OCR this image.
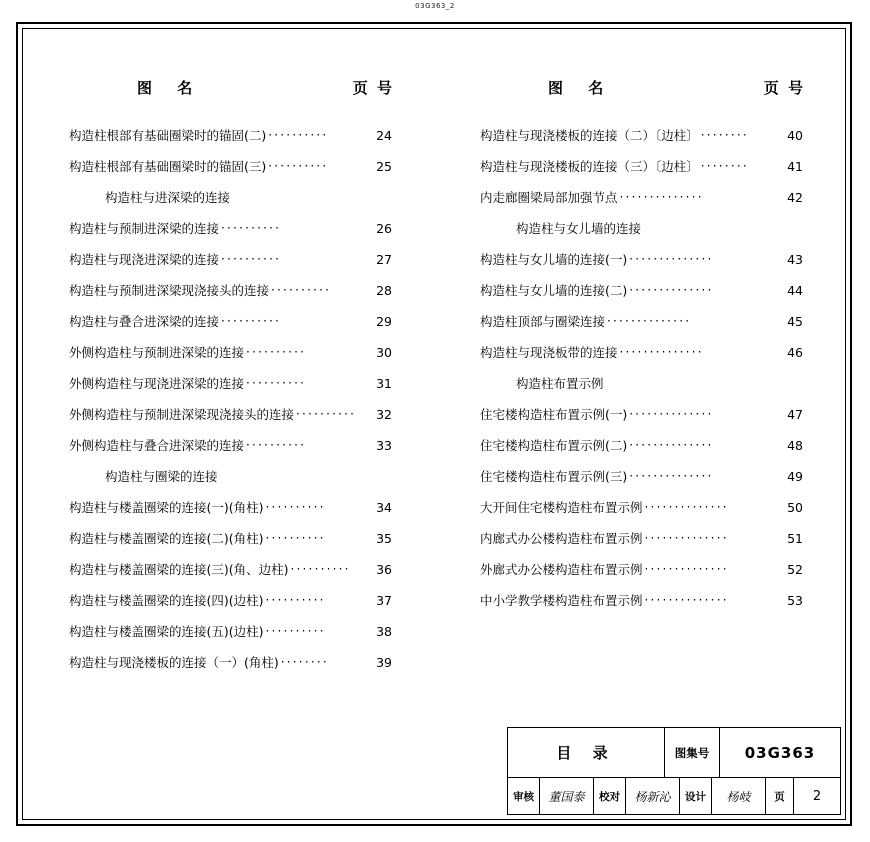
03G363_2
图 名	页 号
构造柱根部有基础圈梁时的锚固(二) ··········	24
构造柱根部有基础圈梁时的锚固(三) ··········	25
构造柱与进深梁的连接
构造柱与预制进深梁的连接 ··········	26
构造柱与现浇进深梁的连接 ··········	27
构造柱与预制进深梁现浇接头的连接 ··········	28
构造柱与叠合进深梁的连接 ··········	29
外侧构造柱与预制进深梁的连接 ··········	30
外侧构造柱与现浇进深梁的连接 ··········	31
外侧构造柱与预制进深梁现浇接头的连接 ··········	32
外侧构造柱与叠合进深梁的连接 ··········	33
构造柱与圈梁的连接
构造柱与楼盖圈梁的连接(一)(角柱) ··········	34
构造柱与楼盖圈梁的连接(二)(角柱) ··········	35
构造柱与楼盖圈梁的连接(三)(角、边柱) ··········	36
构造柱与楼盖圈梁的连接(四)(边柱) ··········	37
构造柱与楼盖圈梁的连接(五)(边柱) ··········	38
构造柱与现浇楼板的连接（一）(角柱) ········	39
图 名	页 号
构造柱与现浇楼板的连接（二）〔边柱〕 ········	40
构造柱与现浇楼板的连接（三）〔边柱〕 ········	41
内走廊圈梁局部加强节点 ··············	42
构造柱与女儿墙的连接
构造柱与女儿墙的连接(一) ··············	43
构造柱与女儿墙的连接(二) ··············	44
构造柱顶部与圈梁连接 ··············	45
构造柱与现浇板带的连接 ··············	46
构造柱布置示例
住宅楼构造柱布置示例(一) ··············	47
住宅楼构造柱布置示例(二) ··············	48
住宅楼构造柱布置示例(三) ··············	49
大开间住宅楼构造柱布置示例 ··············	50
内廊式办公楼构造柱布置示例 ··············	51
外廊式办公楼构造柱布置示例 ··············	52
中小学教学楼构造柱布置示例 ··············	53
目 录	图集号	03G363
审核	董国泰	校对	杨新沁	设计	杨岐	页	2
